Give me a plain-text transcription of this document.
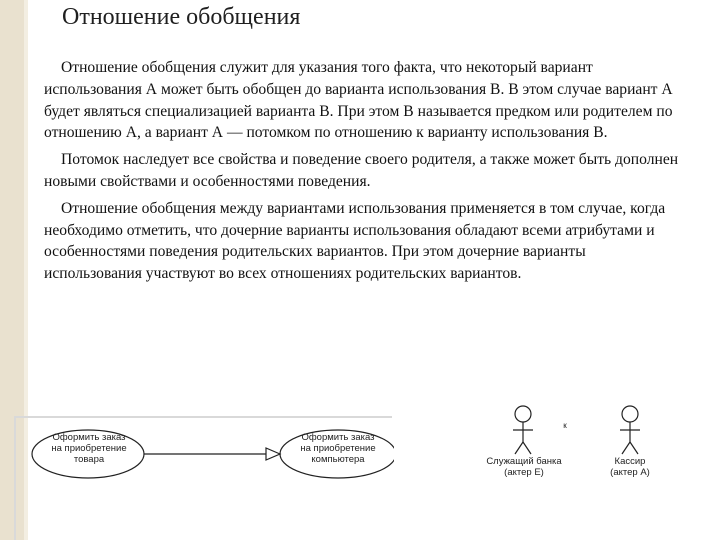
Отношение обобщения

Отношение обобщения служит для указания того факта, что некоторый вариант использования А может быть обобщен до варианта использования В. В этом случае вариант А будет являться специализацией варианта В. При этом В называется предком или родителем по отношению А, а вариант А — потомком по отношению к варианту использования В.

Потомок наследует все свойства и поведение своего родителя, а также может быть дополнен новыми свойствами и особенностями поведения.

Отношение обобщения между вариантами использования применяется в том случае, когда необходимо отметить, что дочерние варианты использования обладают всеми атрибутами и особенностями поведения родительских вариантов. При этом дочерние варианты использования участвуют во всех отношениях родительских вариантов.

Оформить заказ
на приобретение
товара
Оформить заказ
на приобретение
компьютера
к
Служащий банка
(актер Е)
Кассир
(актер А)
